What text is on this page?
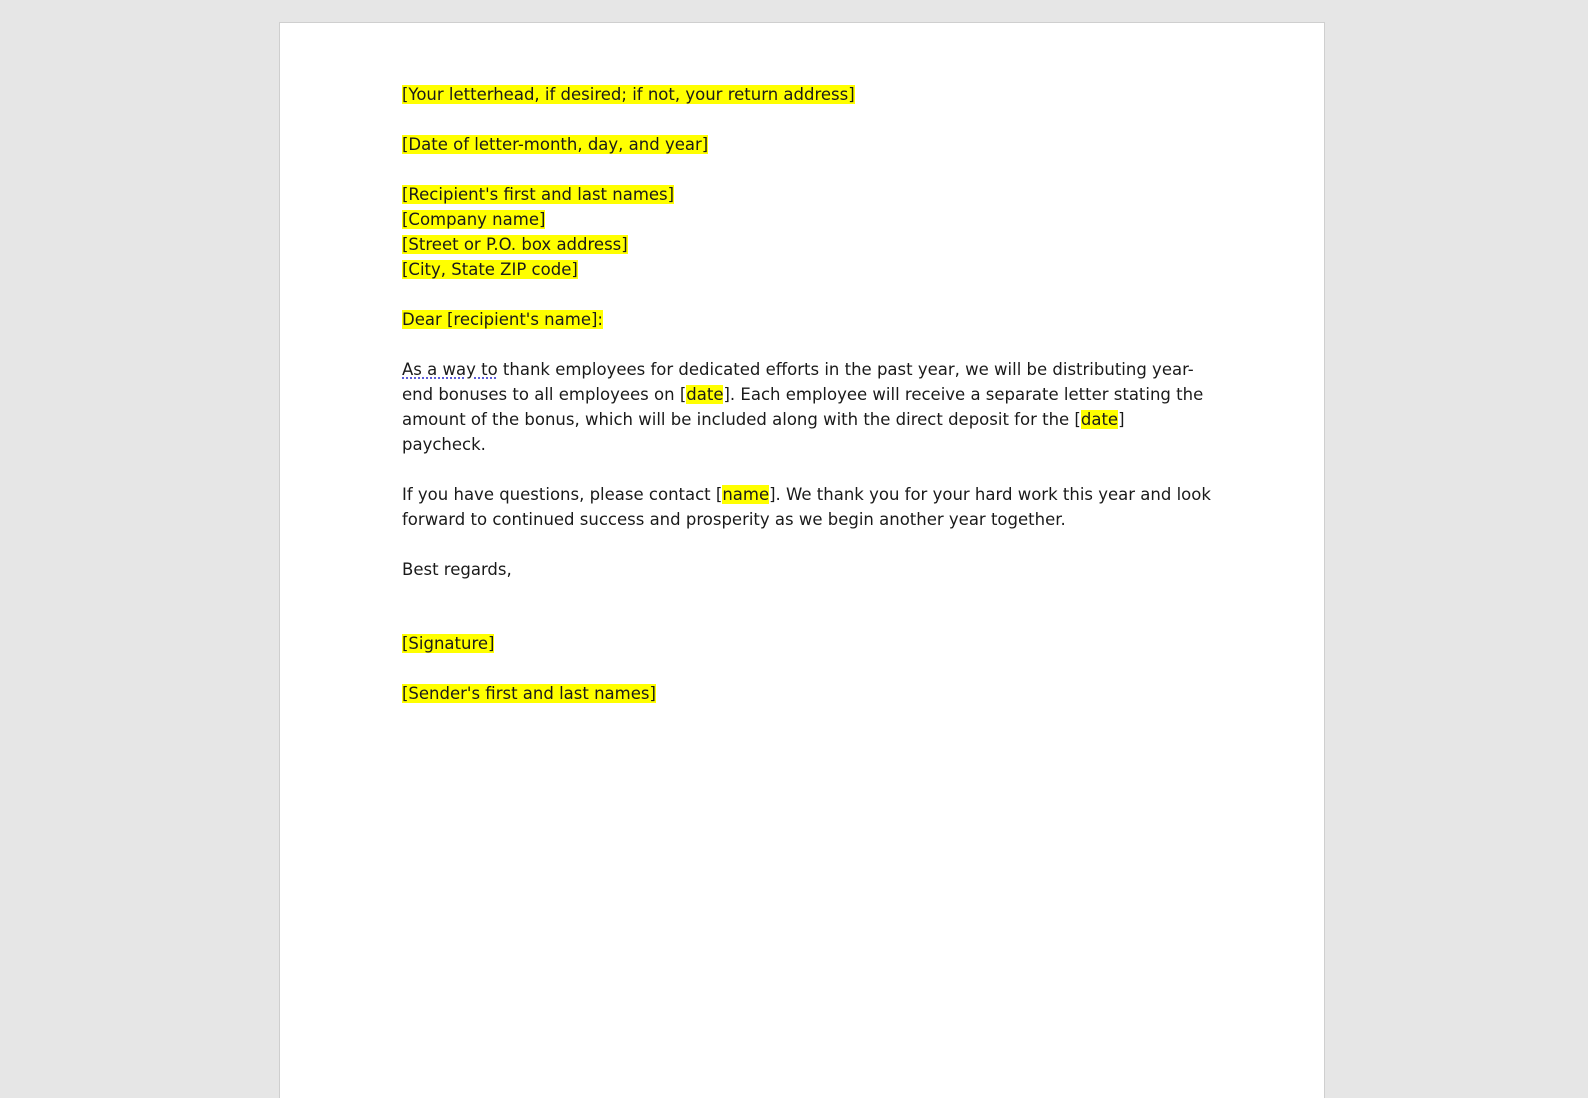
[Your letterhead, if desired; if not, your return address]

[Date of letter-month, day, and year]

[Recipient's first and last names]
[Company name]
[Street or P.O. box address]
[City, State ZIP code]

Dear [recipient's name]:

As a way to thank employees for dedicated efforts in the past year, we will be distributing year-end bonuses to all employees on [date]. Each employee will receive a separate letter stating the amount of the bonus, which will be included along with the direct deposit for the [date] paycheck.

If you have questions, please contact [name]. We thank you for your hard work this year and look forward to continued success and prosperity as we begin another year together.

Best regards,

[Signature]

[Sender's first and last names]
